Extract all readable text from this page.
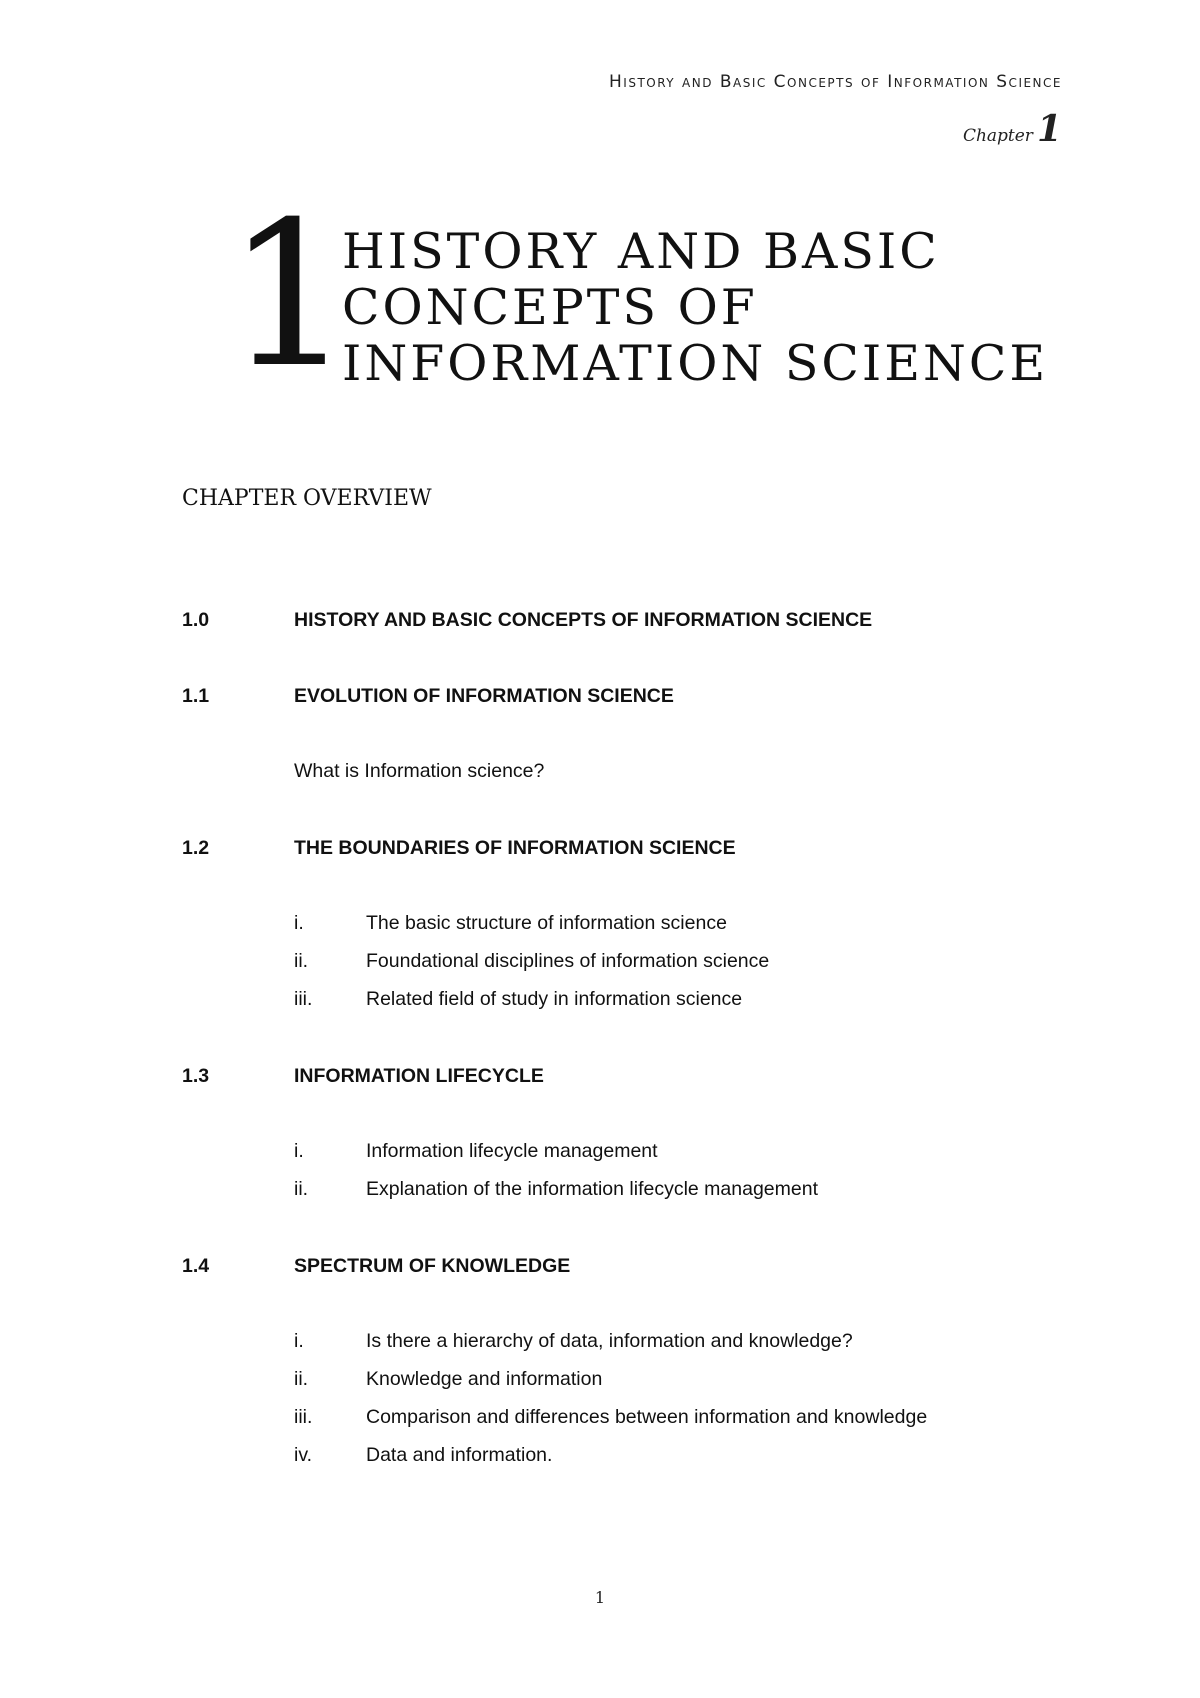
History and Basic Concepts of Information Science
Chapter 1
1
HISTORY AND BASIC
CONCEPTS OF
INFORMATION SCIENCE
CHAPTER OVERVIEW
1.0	HISTORY AND BASIC CONCEPTS OF INFORMATION SCIENCE
1.1	EVOLUTION OF INFORMATION SCIENCE
What is Information science?
1.2	THE BOUNDARIES OF INFORMATION SCIENCE
i.	The basic structure of information science
ii.	Foundational disciplines of information science
iii.	Related field of study in information science
1.3	INFORMATION LIFECYCLE
i.	Information lifecycle management
ii.	Explanation of the information lifecycle management
1.4	SPECTRUM OF KNOWLEDGE
i.	Is there a hierarchy of data, information and knowledge?
ii.	Knowledge and information
iii.	Comparison and differences between information and knowledge
iv.	Data and information.
1
